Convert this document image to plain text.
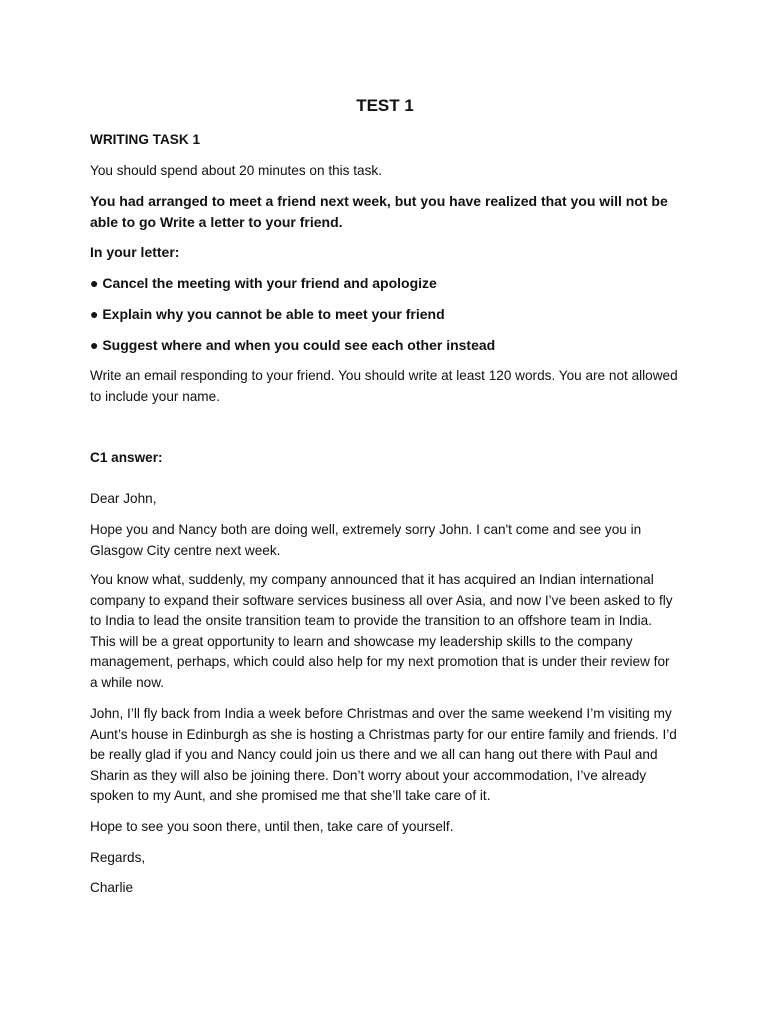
TEST 1
WRITING TASK 1
You should spend about 20 minutes on this task.
You had arranged to meet a friend next week, but you have realized that you will not be able to go Write a letter to your friend.
In your letter:
● Cancel the meeting with your friend and apologize
● Explain why you cannot be able to meet your friend
● Suggest where and when you could see each other instead
Write an email responding to your friend. You should write at least 120 words. You are not allowed to include your name.
C1 answer:
Dear John,
Hope you and Nancy both are doing well, extremely sorry John. I can't come and see you in Glasgow City centre next week.
You know what, suddenly, my company announced that it has acquired an Indian international company to expand their software services business all over Asia, and now I’ve been asked to fly to India to lead the onsite transition team to provide the transition to an offshore team in India. This will be a great opportunity to learn and showcase my leadership skills to the company management, perhaps, which could also help for my next promotion that is under their review for a while now.
John, I’ll fly back from India a week before Christmas and over the same weekend I’m visiting my Aunt’s house in Edinburgh as she is hosting a Christmas party for our entire family and friends. I’d be really glad if you and Nancy could join us there and we all can hang out there with Paul and Sharin as they will also be joining there. Don’t worry about your accommodation, I’ve already spoken to my Aunt, and she promised me that she’ll take care of it.
Hope to see you soon there, until then, take care of yourself.
Regards,
Charlie
